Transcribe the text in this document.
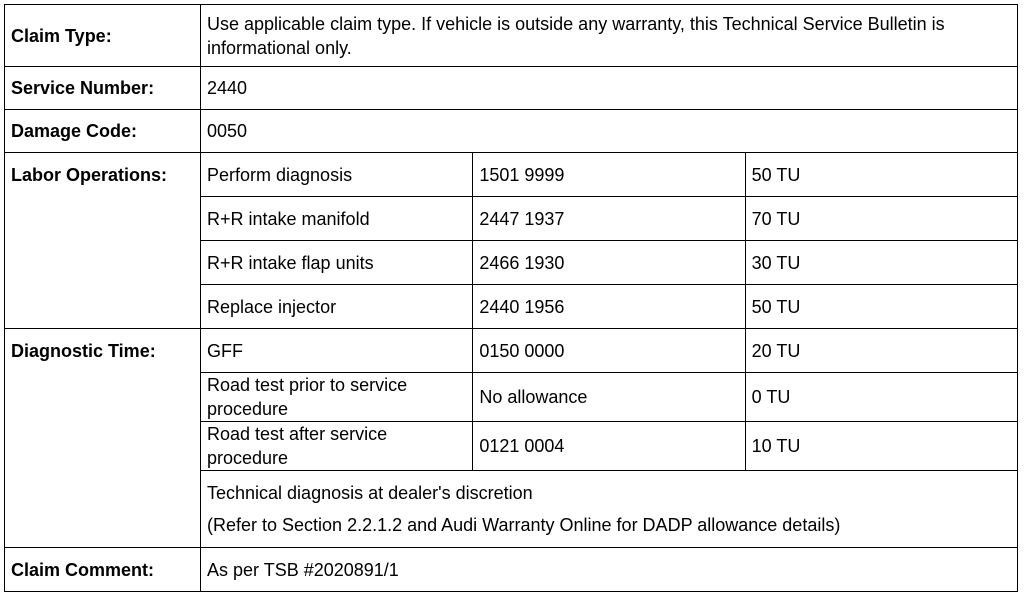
Claim Type:	Use applicable claim type. If vehicle is outside any warranty, this Technical Service Bulletin is informational only.		
Service Number:	2440		
Damage Code:	0050		
Labor Operations:	Perform diagnosis	1501 9999	50 TU
	R+R intake manifold	2447 1937	70 TU
	R+R intake flap units	2466 1930	30 TU
	Replace injector	2440 1956	50 TU
Diagnostic Time:	GFF	0150 0000	20 TU
	Road test prior to service procedure	No allowance	0 TU
	Road test after service procedure	0121 0004	10 TU

	Technical diagnosis at dealer's discretion
(Refer to Section 2.2.1.2 and Audi Warranty Online for DADP allowance details)		

Claim Comment:	As per TSB #2020891/1		
